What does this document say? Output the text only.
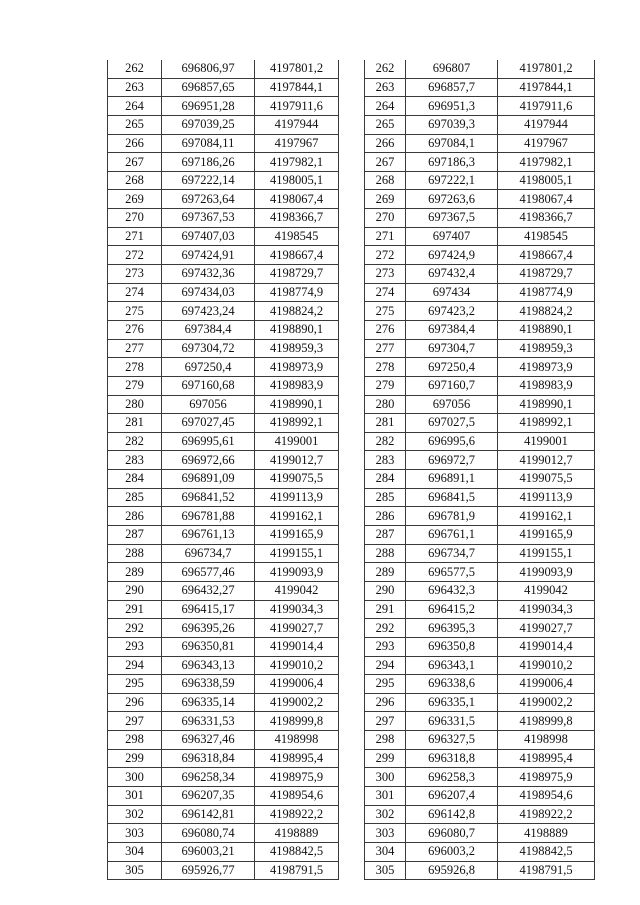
262	696806,97	4197801,2		262	696807	4197801,2
263	696857,65	4197844,1		263	696857,7	4197844,1
264	696951,28	4197911,6		264	696951,3	4197911,6
265	697039,25	4197944		265	697039,3	4197944
266	697084,11	4197967		266	697084,1	4197967
267	697186,26	4197982,1		267	697186,3	4197982,1
268	697222,14	4198005,1		268	697222,1	4198005,1
269	697263,64	4198067,4		269	697263,6	4198067,4
270	697367,53	4198366,7		270	697367,5	4198366,7
271	697407,03	4198545		271	697407	4198545
272	697424,91	4198667,4		272	697424,9	4198667,4
273	697432,36	4198729,7		273	697432,4	4198729,7
274	697434,03	4198774,9		274	697434	4198774,9
275	697423,24	4198824,2		275	697423,2	4198824,2
276	697384,4	4198890,1		276	697384,4	4198890,1
277	697304,72	4198959,3		277	697304,7	4198959,3
278	697250,4	4198973,9		278	697250,4	4198973,9
279	697160,68	4198983,9		279	697160,7	4198983,9
280	697056	4198990,1		280	697056	4198990,1
281	697027,45	4198992,1		281	697027,5	4198992,1
282	696995,61	4199001		282	696995,6	4199001
283	696972,66	4199012,7		283	696972,7	4199012,7
284	696891,09	4199075,5		284	696891,1	4199075,5
285	696841,52	4199113,9		285	696841,5	4199113,9
286	696781,88	4199162,1		286	696781,9	4199162,1
287	696761,13	4199165,9		287	696761,1	4199165,9
288	696734,7	4199155,1		288	696734,7	4199155,1
289	696577,46	4199093,9		289	696577,5	4199093,9
290	696432,27	4199042		290	696432,3	4199042
291	696415,17	4199034,3		291	696415,2	4199034,3
292	696395,26	4199027,7		292	696395,3	4199027,7
293	696350,81	4199014,4		293	696350,8	4199014,4
294	696343,13	4199010,2		294	696343,1	4199010,2
295	696338,59	4199006,4		295	696338,6	4199006,4
296	696335,14	4199002,2		296	696335,1	4199002,2
297	696331,53	4198999,8		297	696331,5	4198999,8
298	696327,46	4198998		298	696327,5	4198998
299	696318,84	4198995,4		299	696318,8	4198995,4
300	696258,34	4198975,9		300	696258,3	4198975,9
301	696207,35	4198954,6		301	696207,4	4198954,6
302	696142,81	4198922,2		302	696142,8	4198922,2
303	696080,74	4198889		303	696080,7	4198889
304	696003,21	4198842,5		304	696003,2	4198842,5
305	695926,77	4198791,5		305	695926,8	4198791,5
